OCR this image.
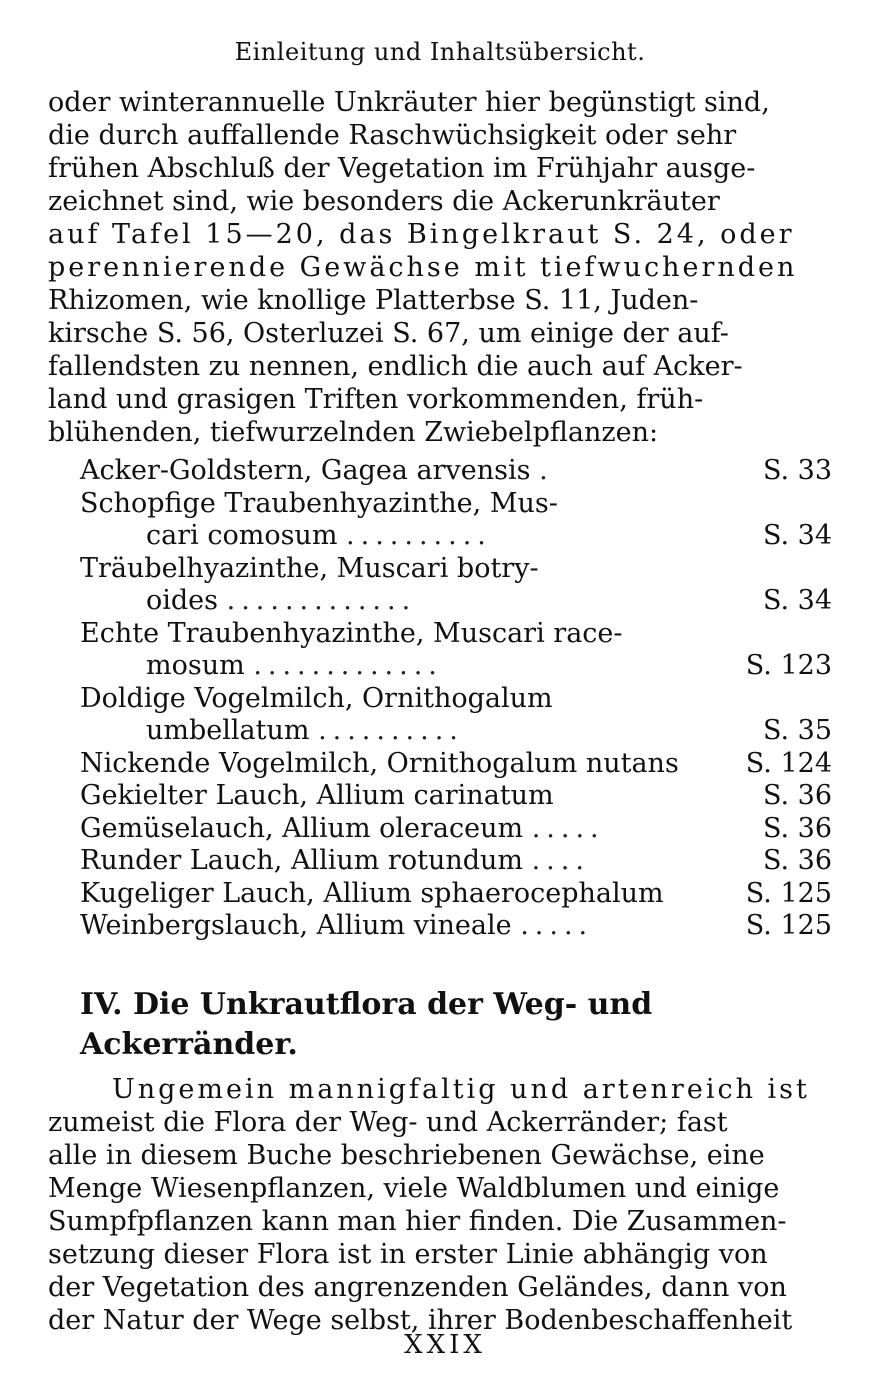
Einleitung und Inhaltsübersicht.

oder winterannuelle Unkräuter hier begünstigt sind,

die durch auffallende Raschwüchsigkeit oder sehr

frühen Abschluß der Vegetation im Frühjahr ausge-

zeichnet sind, wie besonders die Ackerunkräuter

auf Tafel 15—20, das Bingelkraut S. 24, oder

perennierende Gewächse mit tiefwuchernden

Rhizomen, wie knollige Platterbse S. 11, Juden-

kirsche S. 56, Osterluzei S. 67, um einige der auf-

fallendsten zu nennen, endlich die auch auf Acker-

land und grasigen Triften vorkommenden, früh-

blühenden, tiefwurzelnden Zwiebelpflanzen:

Acker-Goldstern, Gagea arvensis .	S. 33
Schopfige Traubenhyazinthe, Mus-
cari comosum ..........	S. 34
Träubelhyazinthe, Muscari botry-
oides .............	S. 34
Echte Traubenhyazinthe, Muscari race-
mosum .............	S. 123
Doldige Vogelmilch, Ornithogalum
umbellatum ..........	S. 35
Nickende Vogelmilch, Ornithogalum nutans	S. 124
Gekielter Lauch, Allium carinatum	S. 36
Gemüselauch, Allium oleraceum .....	S. 36
Runder Lauch, Allium rotundum ....	S. 36
Kugeliger Lauch, Allium sphaerocephalum	S. 125
Weinbergslauch, Allium vineale .....	S. 125
IV. Die Unkrautflora der Weg- und Ackerränder.

Ungemein mannigfaltig und artenreich ist

zumeist die Flora der Weg- und Ackerränder; fast

alle in diesem Buche beschriebenen Gewächse, eine

Menge Wiesenpflanzen, viele Waldblumen und einige

Sumpfpflanzen kann man hier finden. Die Zusammen-

setzung dieser Flora ist in erster Linie abhängig von

der Vegetation des angrenzenden Geländes, dann von

der Natur der Wege selbst, ihrer Bodenbeschaffenheit

XXIX
